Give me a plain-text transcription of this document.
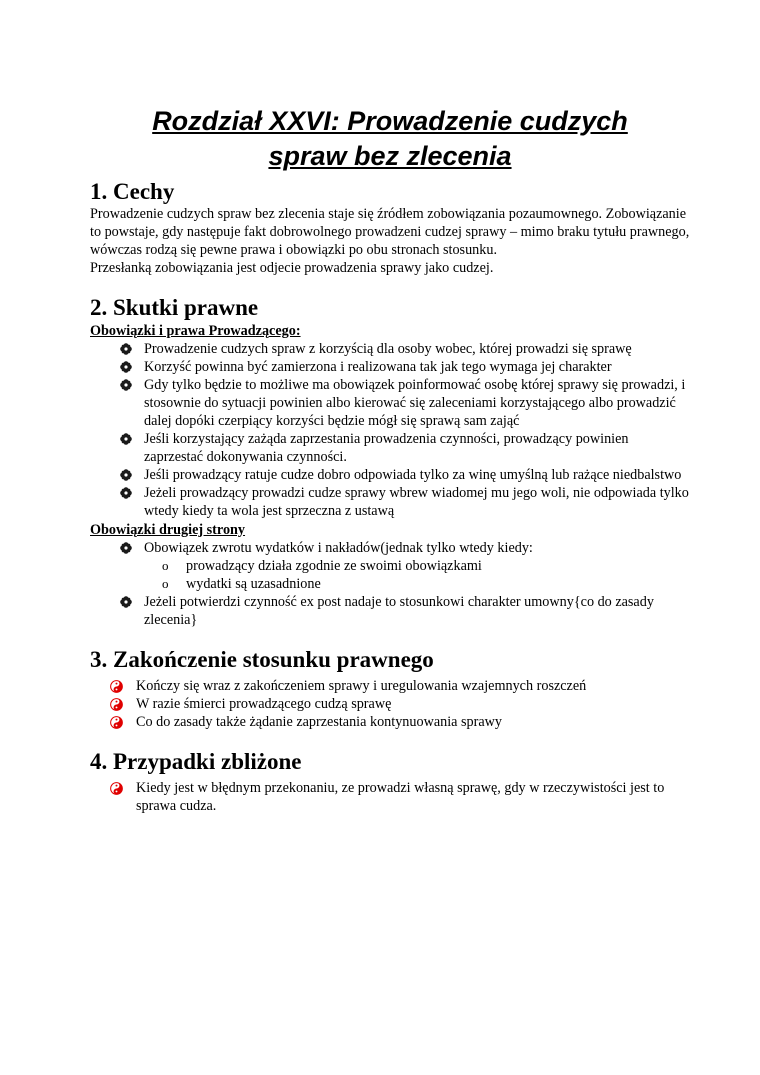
Rozdział XXVI: Prowadzenie cudzych
spraw bez zlecenia
1. Cechy

Prowadzenie cudzych spraw bez zlecenia staje się źródłem zobowiązania pozaumownego. Zobowiązanie to powstaje, gdy następuje fakt dobrowolnego prowadzeni cudzej sprawy – mimo braku tytułu prawnego, wówczas rodzą się pewne prawa i obowiązki po obu stronach stosunku.

Przesłanką zobowiązania jest odjecie prowadzenia sprawy jako cudzej.

2. Skutki prawne
Obowiązki i prawa Prowadzącego:
Prowadzenie cudzych spraw z korzyścią dla osoby wobec, której prowadzi się sprawę
Korzyść powinna być zamierzona i realizowana tak jak tego wymaga jej charakter
Gdy tylko będzie to możliwe ma obowiązek poinformować osobę której sprawy się prowadzi, i stosownie do sytuacji powinien albo kierować się zaleceniami korzystającego albo prowadzić dalej dopóki czerpiący korzyści będzie mógł się sprawą sam zająć
Jeśli korzystający zażąda zaprzestania prowadzenia czynności, prowadzący powinien zaprzestać dokonywania czynności.
Jeśli prowadzący ratuje cudze dobro odpowiada tylko za winę umyślną lub rażące niedbalstwo
Jeżeli prowadzący prowadzi cudze sprawy wbrew wiadomej mu jego woli, nie odpowiada tylko wtedy kiedy ta wola jest sprzeczna z ustawą
Obowiązki drugiej strony
Obowiązek zwrotu wydatków i nakładów(jednak tylko wtedy kiedy:
o prowadzący działa zgodnie ze swoimi obowiązkami
o wydatki są uzasadnione
Jeżeli potwierdzi czynność ex post nadaje to stosunkowi charakter umowny{co do zasady zlecenia}
3. Zakończenie stosunku prawnego
Kończy się wraz z zakończeniem sprawy i uregulowania wzajemnych roszczeń
W razie śmierci prowadzącego cudzą sprawę
Co do zasady także żądanie zaprzestania kontynuowania sprawy
4. Przypadki zbliżone
Kiedy jest w błędnym przekonaniu, ze prowadzi własną sprawę, gdy w rzeczywistości jest to sprawa cudza.
